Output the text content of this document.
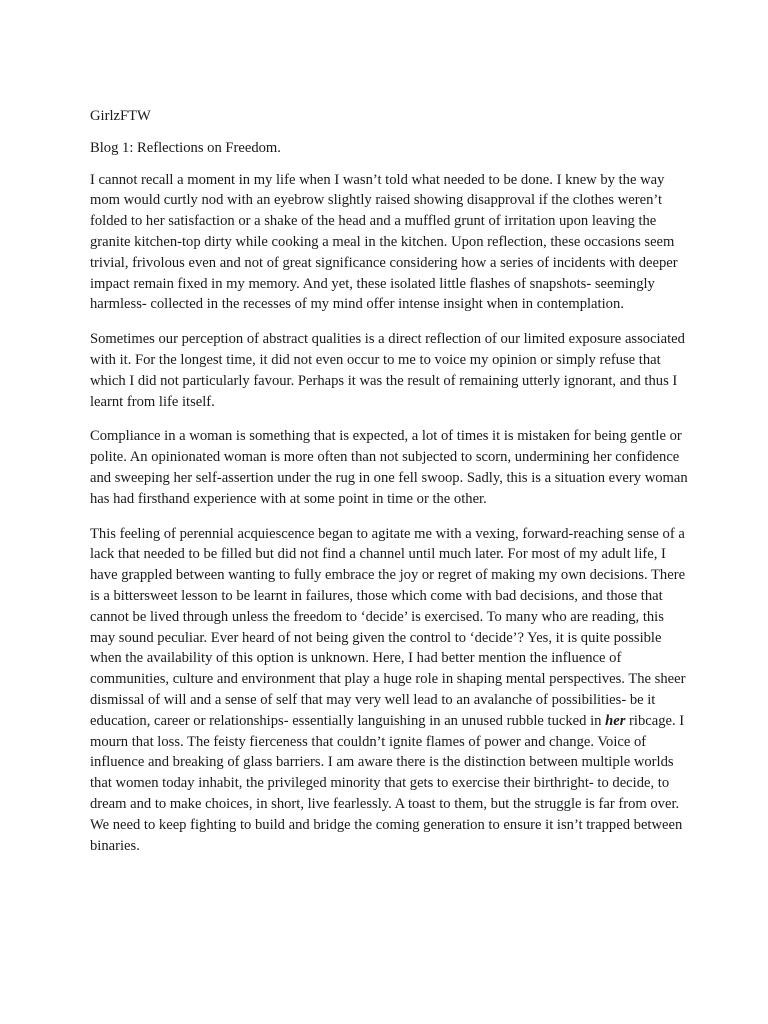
GirlzFTW

Blog 1: Reflections on Freedom.

I cannot recall a moment in my life when I wasn’t told what needed to be done. I knew by the way mom would curtly nod with an eyebrow slightly raised showing disapproval if the clothes weren’t folded to her satisfaction or a shake of the head and a muffled grunt of irritation upon leaving the granite kitchen-top dirty while cooking a meal in the kitchen. Upon reflection, these occasions seem trivial, frivolous even and not of great significance considering how a series of incidents with deeper impact remain fixed in my memory. And yet, these isolated little flashes of snapshots- seemingly harmless- collected in the recesses of my mind offer intense insight when in contemplation.

Sometimes our perception of abstract qualities is a direct reflection of our limited exposure associated with it. For the longest time, it did not even occur to me to voice my opinion or simply refuse that which I did not particularly favour. Perhaps it was the result of remaining utterly ignorant, and thus I learnt from life itself.

Compliance in a woman is something that is expected, a lot of times it is mistaken for being gentle or polite. An opinionated woman is more often than not subjected to scorn, undermining her confidence and sweeping her self-assertion under the rug in one fell swoop. Sadly, this is a situation every woman has had firsthand experience with at some point in time or the other.

This feeling of perennial acquiescence began to agitate me with a vexing, forward-reaching sense of a lack that needed to be filled but did not find a channel until much later. For most of my adult life, I have grappled between wanting to fully embrace the joy or regret of making my own decisions. There is a bittersweet lesson to be learnt in failures, those which come with bad decisions, and those that cannot be lived through unless the freedom to ‘decide’ is exercised. To many who are reading, this may sound peculiar. Ever heard of not being given the control to ‘decide’? Yes, it is quite possible when the availability of this option is unknown. Here, I had better mention the influence of communities, culture and environment that play a huge role in shaping mental perspectives. The sheer dismissal of will and a sense of self that may very well lead to an avalanche of possibilities- be it education, career or relationships- essentially languishing in an unused rubble tucked in her ribcage. I mourn that loss. The feisty fierceness that couldn’t ignite flames of power and change. Voice of influence and breaking of glass barriers. I am aware there is the distinction between multiple worlds that women today inhabit, the privileged minority that gets to exercise their birthright- to decide, to dream and to make choices, in short, live fearlessly. A toast to them, but the struggle is far from over. We need to keep fighting to build and bridge the coming generation to ensure it isn’t trapped between binaries.
